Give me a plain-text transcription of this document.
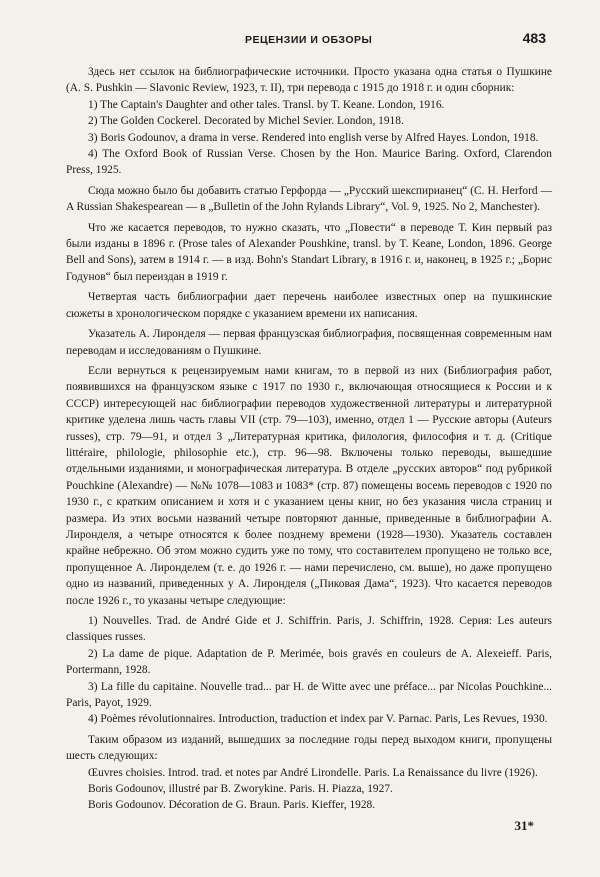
РЕЦЕНЗИИ И ОБЗОРЫ	483

Здесь нет ссылок на библиографические источники. Просто указана одна статья о Пушкине (A. S. Pushkin — Slavonic Review, 1923, т. II), три перевода с 1915 до 1918 г. и один сборник:

1) The Captain's Daughter and other tales. Transl. by T. Keane. London, 1916.

2) The Golden Cockerel. Decorated by Michel Sevier. London, 1918.

3) Boris Godounov, a drama in verse. Rendered into english verse by Alfred Hayes. London, 1918.

4) The Oxford Book of Russian Verse. Chosen by the Hon. Maurice Baring. Oxford, Clarendon Press, 1925.

Сюда можно было бы добавить статью Герфорда — „Русский шекспирианец“ (C. H. Herford — A Russian Shakespearean — в „Bulletin of the John Rylands Library“, Vol. 9, 1925. No 2, Manchester).

Что же касается переводов, то нужно сказать, что „Повести“ в переводе Т. Кин первый раз были изданы в 1896 г. (Prose tales of Alexander Poushkine, transl. by T. Keane, London, 1896. George Bell and Sons), затем в 1914 г. — в изд. Bohn's Standart Library, в 1916 г. и, наконец, в 1925 г.; „Борис Годунов“ был переиздан в 1919 г.

Четвертая часть библиографии дает перечень наиболее известных опер на пушкинские сюжеты в хронологическом порядке с указанием времени их написания.

Указатель А. Лиронделя — первая французская библиография, посвященная современным нам переводам и исследованиям о Пушкине.

Если вернуться к рецензируемым нами книгам, то в первой из них (Библиография работ, появившихся на французском языке с 1917 по 1930 г., включающая относящиеся к России и к СССР) интересующей нас библиографии переводов художественной литературы и литературной критике уделена лишь часть главы VII (стр. 79—103), именно, отдел 1 — Русские авторы (Auteurs russes), стр. 79—91, и отдел 3 „Литературная критика, филология, философия и т. д. (Critique littéraire, philologie, philosophie etc.), стр. 96—98. Включены только переводы, вышедшие отдельными изданиями, и монографическая литература. В отделе „русских авторов“ под рубрикой Pouchkine (Alexandre) — №№ 1078—1083 и 1083* (стр. 87) помещены восемь переводов с 1920 по 1930 г., с кратким описанием и хотя и с указанием цены книг, но без указания числа страниц и размера. Из этих восьми названий четыре повторяют данные, приведенные в библиографии А. Лиронделя, а четыре относятся к более позднему времени (1928—1930). Указатель составлен крайне небрежно. Об этом можно судить уже по тому, что составителем пропущено не только все, пропущенное А. Лиронделем (т. е. до 1926 г. — нами перечислено, см. выше), но даже пропущено одно из названий, приведенных у А. Лиронделя („Пиковая Дама“, 1923). Что касается переводов после 1926 г., то указаны четыре следующие:

1) Nouvelles. Trad. de André Gide et J. Schiffrin. Paris, J. Schiffrin, 1928. Серия: Les auteurs classiques russes.

2) La dame de pique. Adaptation de P. Merimée, bois gravés en couleurs de A. Alexeieff. Paris, Portermann, 1928.

3) La fille du capitaine. Nouvelle trad... par H. de Witte avec une préface... par Nicolas Pouchkine... Paris, Payot, 1929.

4) Poèmes révolutionnaires. Introduction, traduction et index par V. Parnac. Paris, Les Revues, 1930.

Таким образом из изданий, вышедших за последние годы перед выходом книги, пропущены шесть следующих:

Œuvres choisies. Introd. trad. et notes par André Lirondelle. Paris. La Renaissance du livre (1926).

Boris Godounov, illustré par B. Zworykine. Paris. H. Piazza, 1927.

Boris Godounov. Décoration de G. Braun. Paris. Kieffer, 1928.

31*
